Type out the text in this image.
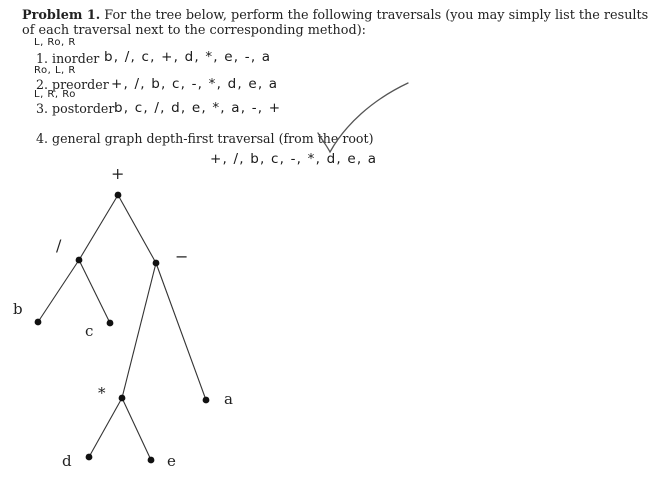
Problem 1. For the tree below, perform the following traversals (you may simply list the results
of each traversal next to the corresponding method):
L, Ro, R
1. inorder b, /, c, +, d, *, e, -, a
Ro, L, R
2. preorder +, /, b, c, -, *, d, e, a
L, R, Ro
3. postorder b, c, /, d, e, *, a, -, +
4. general graph depth-first traversal (from the root)
+, /, b, c, -, *, d, e, a
+
/
−
b
c
*	a
d	e
